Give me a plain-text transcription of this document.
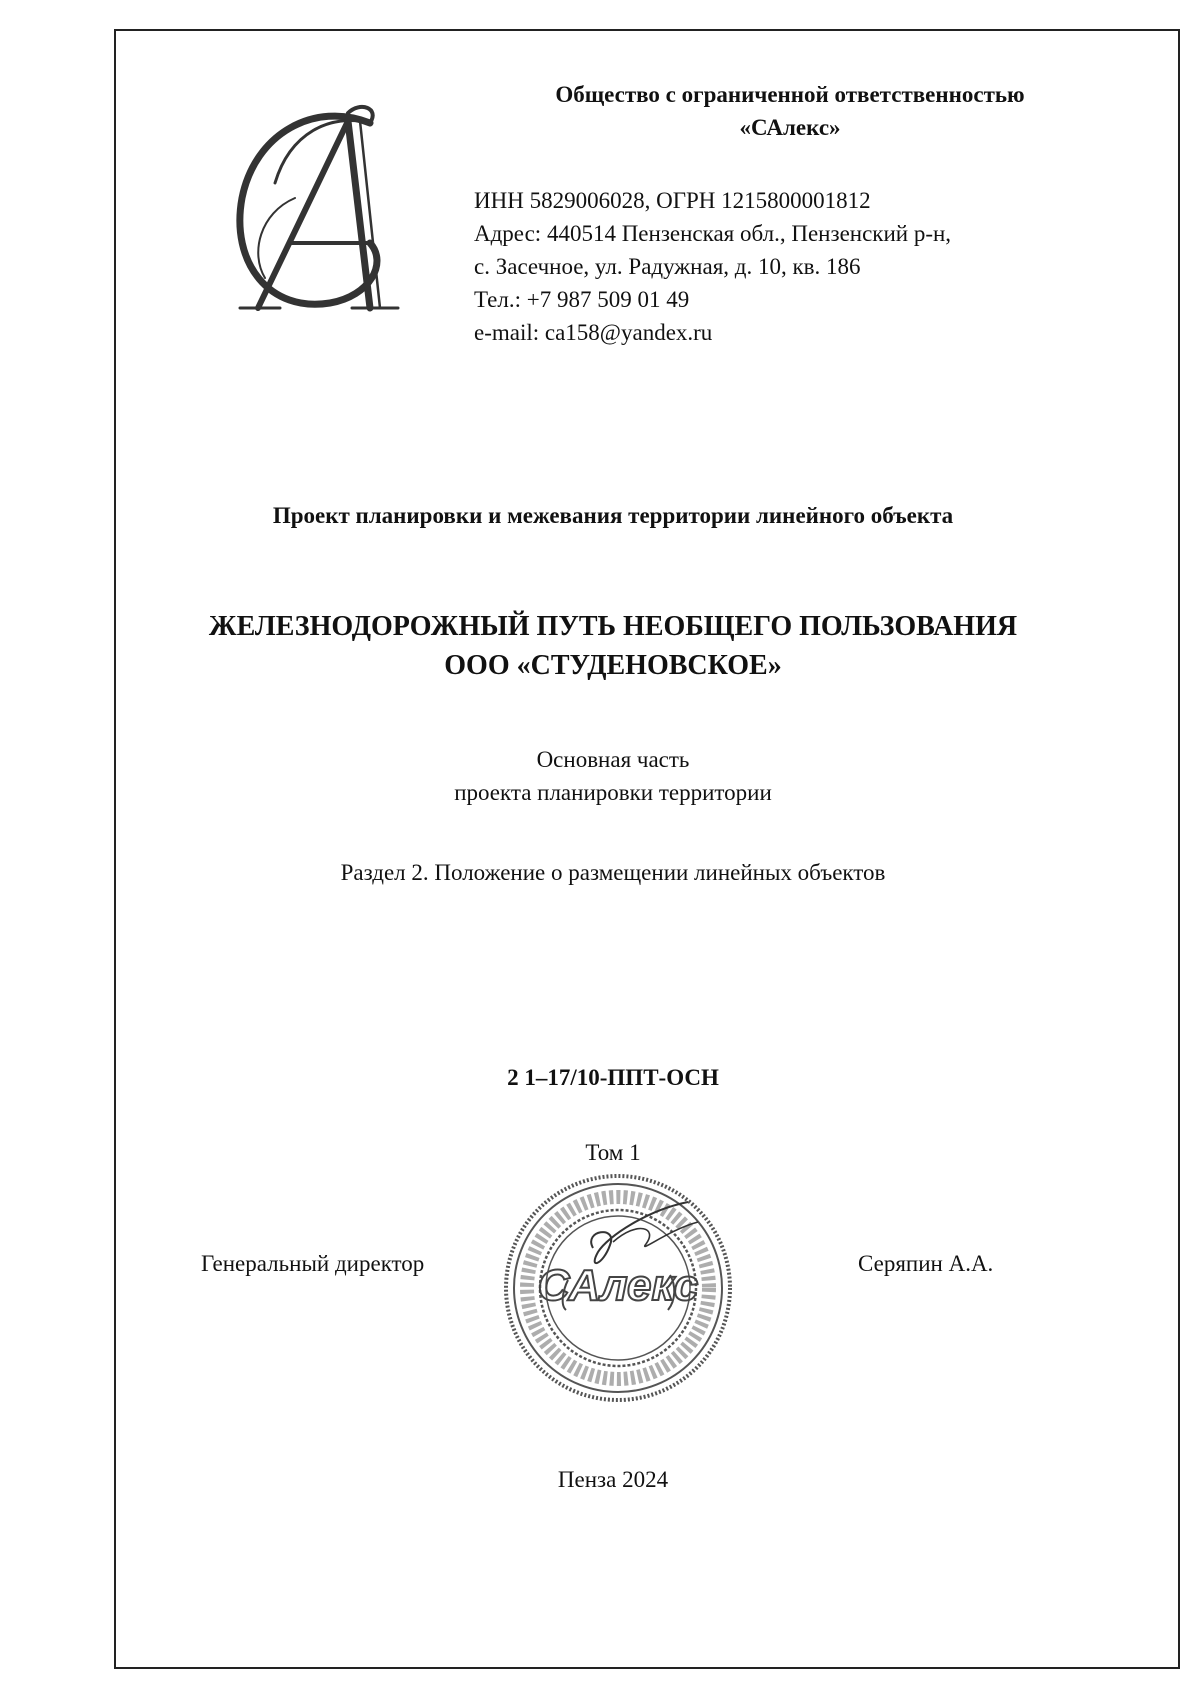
Общество с ограниченной ответственностью
«САлекс»
ИНН 5829006028, ОГРН 1215800001812
Адрес: 440514 Пензенская обл., Пензенский р-н,
с. Засечное, ул. Радужная, д. 10, кв. 186
Тел.: +7 987 509 01 49
e-mail: ca158@yandex.ru
Проект планировки и межевания территории линейного объекта
ЖЕЛЕЗНОДОРОЖНЫЙ ПУТЬ НЕОБЩЕГО ПОЛЬЗОВАНИЯ
ООО «СТУДЕНОВСКОЕ»
Основная часть
проекта планировки территории
Раздел 2. Положение о размещении линейных объектов
2 1–17/10-ППТ-ОСН
Том 1
Генеральный директор	Серяпин А.А.
САлекс
Пенза 2024
